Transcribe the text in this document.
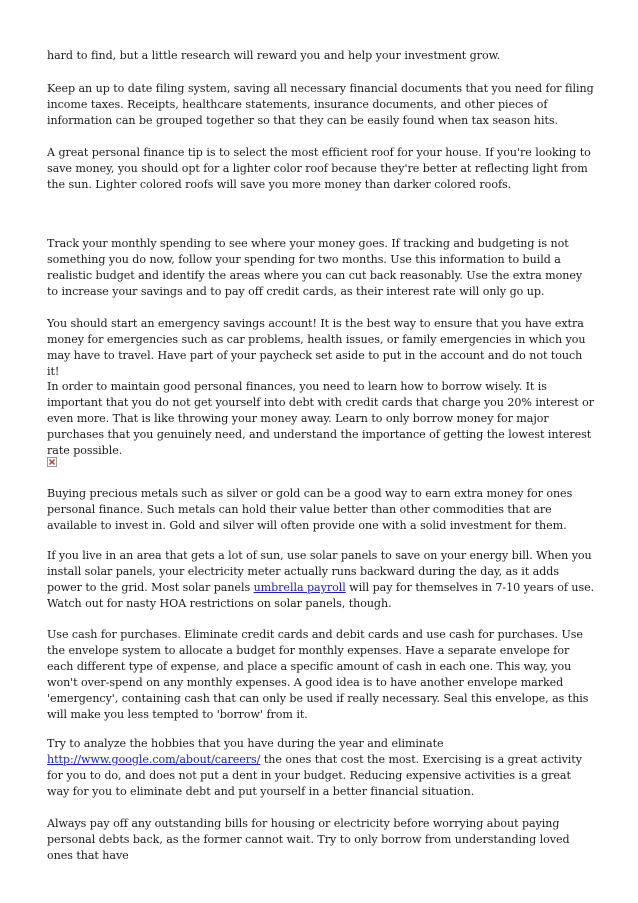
hard to find, but a little research will reward you and help your investment grow.

Keep an up to date filing system, saving all necessary financial documents that you need for filing income taxes. Receipts, healthcare statements, insurance documents, and other pieces of information can be grouped together so that they can be easily found when tax season hits.

A great personal finance tip is to select the most efficient roof for your house. If you're looking to save money, you should opt for a lighter color roof because they're better at reflecting light from the sun. Lighter colored roofs will save you more money than darker colored roofs.

Track your monthly spending to see where your money goes. If tracking and budgeting is not something you do now, follow your spending for two months. Use this information to build a realistic budget and identify the areas where you can cut back reasonably. Use the extra money to increase your savings and to pay off credit cards, as their interest rate will only go up.

You should start an emergency savings account! It is the best way to ensure that you have extra money for emergencies such as car problems, health issues, or family emergencies in which you may have to travel. Have part of your paycheck set aside to put in the account and do not touch it!

In order to maintain good personal finances, you need to learn how to borrow wisely. It is important that you do not get yourself into debt with credit cards that charge you 20% interest or even more. That is like throwing your money away. Learn to only borrow money for major purchases that you genuinely need, and understand the importance of getting the lowest interest rate possible.

Buying precious metals such as silver or gold can be a good way to earn extra money for ones personal finance. Such metals can hold their value better than other commodities that are available to invest in. Gold and silver will often provide one with a solid investment for them.

If you live in an area that gets a lot of sun, use solar panels to save on your energy bill. When you install solar panels, your electricity meter actually runs backward during the day, as it adds power to the grid. Most solar panels umbrella payroll will pay for themselves in 7-10 years of use. Watch out for nasty HOA restrictions on solar panels, though.

Use cash for purchases. Eliminate credit cards and debit cards and use cash for purchases. Use the envelope system to allocate a budget for monthly expenses. Have a separate envelope for each different type of expense, and place a specific amount of cash in each one. This way, you won't over-spend on any monthly expenses. A good idea is to have another envelope marked 'emergency', containing cash that can only be used if really necessary. Seal this envelope, as this will make you less tempted to 'borrow' from it.

Try to analyze the hobbies that you have during the year and eliminate http://www.google.com/about/careers/ the ones that cost the most. Exercising is a great activity for you to do, and does not put a dent in your budget. Reducing expensive activities is a great way for you to eliminate debt and put yourself in a better financial situation.

Always pay off any outstanding bills for housing or electricity before worrying about paying personal debts back, as the former cannot wait. Try to only borrow from understanding loved ones that have
